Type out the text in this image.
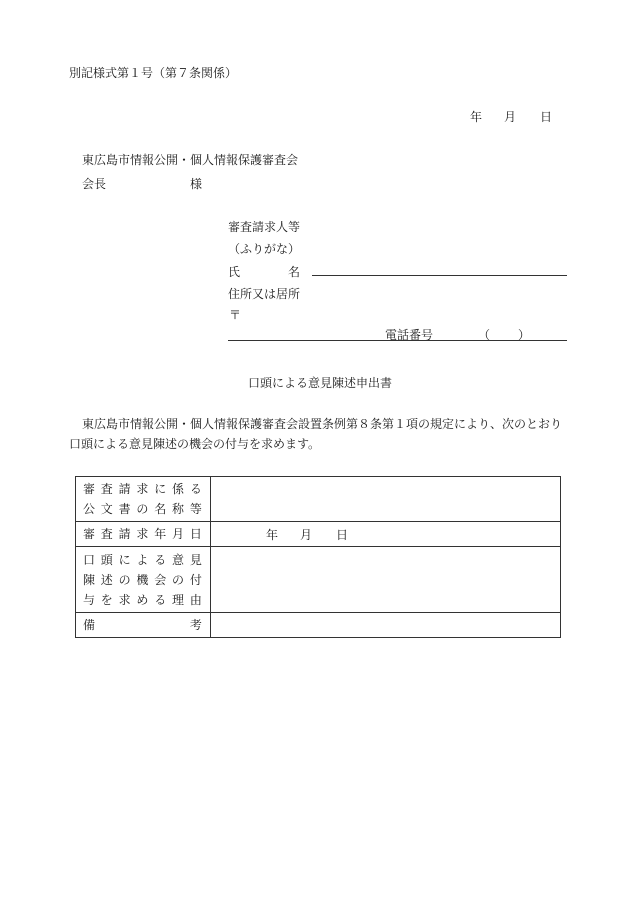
別記様式第１号（第７条関係）
年 月 日
東広島市情報公開・個人情報保護審査会
会長	様
審査請求人等
（ふりがな）
氏	名
住所又は居所
〒
電話番号	（ ）
口頭による意見陳述申出書
東広島市情報公開・個人情報保護審査会設置条例第８条第１項の規定により、次のとおり
口頭による意見陳述の機会の付与を求めます。
審査請求に係る
公文書の名称等	

審査請求年月日	年 月 日

口頭による意見
陳述の機会の付
与を求める理由	

備考	
